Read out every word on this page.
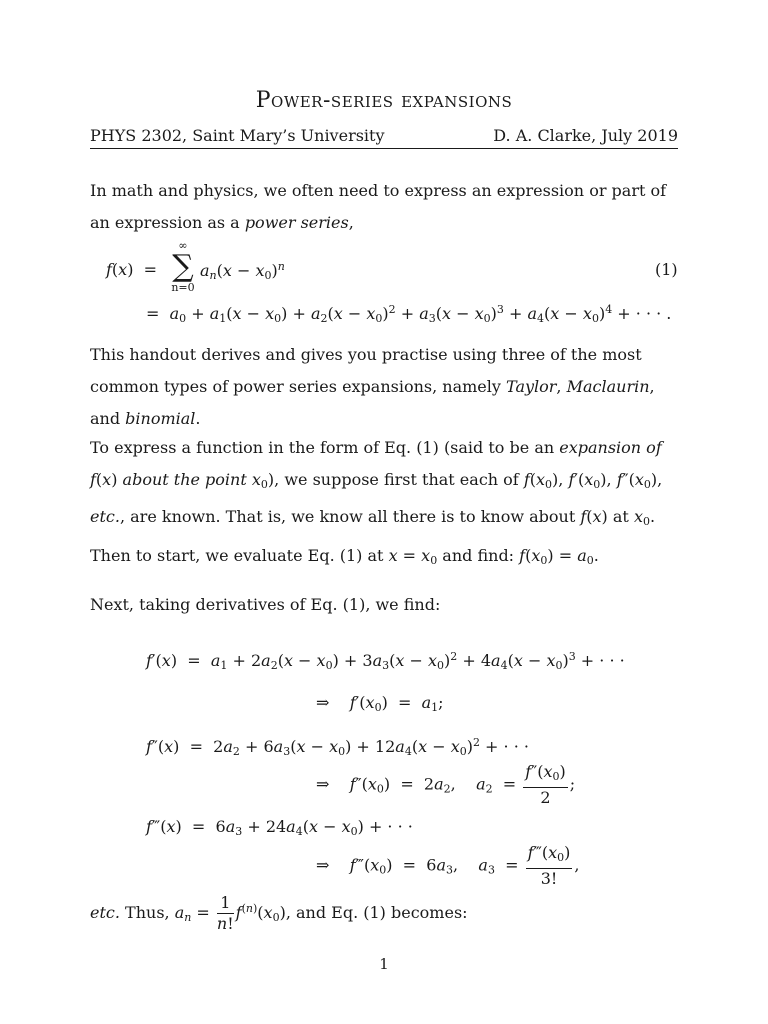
Power-series expansions
PHYS 2302, Saint Mary’s University	D. A. Clarke, July 2019
In math and physics, we often need to express an expression or part of an expression as a power series,
f(x)  =
∞
∑
n=0
$a_n(x - x_0)^n$	(1)
=  $a_0 + a_1(x - x_0) + a_2(x - x_0)^2 + a_3(x - x_0)^3 + a_4(x - x_0)^4$ + · · · .
This handout derives and gives you practise using three of the most common types of power series expansions, namely Taylor, Maclaurin, and binomial.
To express a function in the form of Eq. (1) (said to be an expansion of f(x) about the point $x_0$), we suppose first that each of $f(x_0)$, $f'(x_0)$, $f''(x_0)$, etc., are known. That is, we know all there is to know about f(x) at $x_0$.
Then to start, we evaluate Eq. (1) at $x = x_0$ and find: $f(x_0) = a_0$.
Next, taking derivatives of Eq. (1), we find:
$f'(x) = a_1 + 2a_2(x - x_0) + 3a_3(x - x_0)^2 + 4a_4(x - x_0)^3$ + · · ·
⇒    $f'(x_0) = a_1$;
$f''(x) = 2a_2 + 6a_3(x - x_0) + 12a_4(x - x_0)^2$ + · · ·
⇒    $f''(x_0) = 2a_2$,    $a_2 = \frac{f''(x_0)}{2}$ ;
f‴(x)  =  $6a_3 + 24a_4(x - x_0)$ + · · ·
⇒    $f‴(x_0) = 6a_3$,    $a_3 = \frac{f‴(x_0)}{3!}$ ,
etc. Thus, $a_n = \frac{1}{n!} f^{(n)}(x_0)$, and Eq. (1) becomes:
1
